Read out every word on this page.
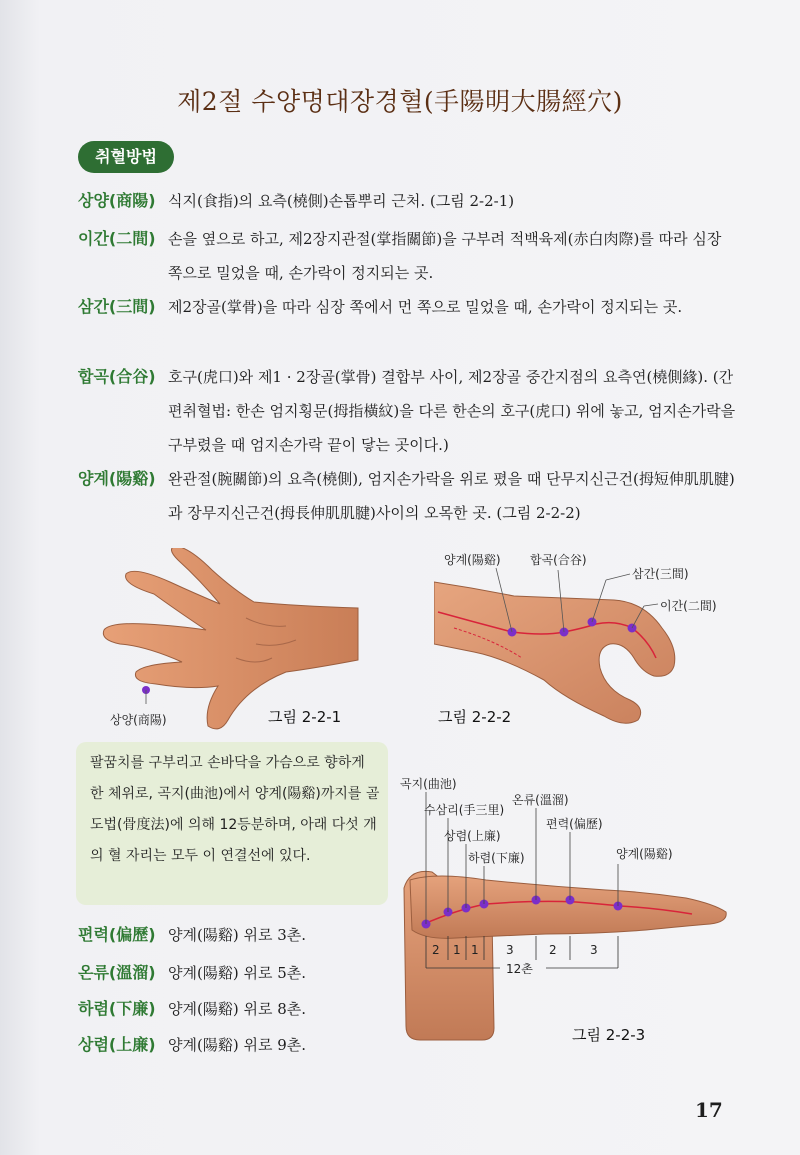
제2절 수양명대장경혈(手陽明大腸經穴)
취혈방법
상양(商陽) 식지(食指)의 요측(橈側)손톱뿌리 근처. (그림 2-2-1)
이간(二間) 손을 옆으로 하고, 제2장지관절(掌指關節)을 구부려 적백육제(赤白肉際)를 따라 심장 쪽으로 밀었을 때, 손가락이 정지되는 곳.
삼간(三間) 제2장골(掌骨)을 따라 심장 쪽에서 먼 쪽으로 밀었을 때, 손가락이 정지되는 곳.
합곡(合谷) 호구(虎口)와 제1 · 2장골(掌骨) 결합부 사이, 제2장골 중간지점의 요측연(橈側緣). (간편취혈법: 한손 엄지횡문(拇指橫紋)을 다른 한손의 호구(虎口) 위에 놓고, 엄지손가락을 구부렸을 때 엄지손가락 끝이 닿는 곳이다.)
양계(陽谿) 완관절(腕關節)의 요측(橈側), 엄지손가락을 위로 폈을 때 단무지신근건(拇短伸肌肌腱)과 장무지신근건(拇長伸肌肌腱)사이의 오목한 곳. (그림 2-2-2)
상양(商陽)	그림 2-2-1
양계(陽谿) 합곡(合谷)
삼간(三間)
이간(二間)
그림 2-2-2
팔꿈치를 구부리고 손바닥을 가슴으로 향하게 한 체위로, 곡지(曲池)에서 양계(陽谿)까지를 골도법(骨度法)에 의해 12등분하며, 아래 다섯 개의 혈 자리는 모두 이 연결선에 있다.
편력(偏歷) 양계(陽谿) 위로 3촌.
온류(溫溜) 양계(陽谿) 위로 5촌.
하렴(下廉) 양계(陽谿) 위로 8촌.
상렴(上廉) 양계(陽谿) 위로 9촌.
2 1 1 3	2	3
12촌
곡지(曲池)
수삼리(手三里)
상렴(上廉)
하렴(下廉)
온류(溫溜)
편력(偏歷)
양계(陽谿)
그림 2-2-3
17
